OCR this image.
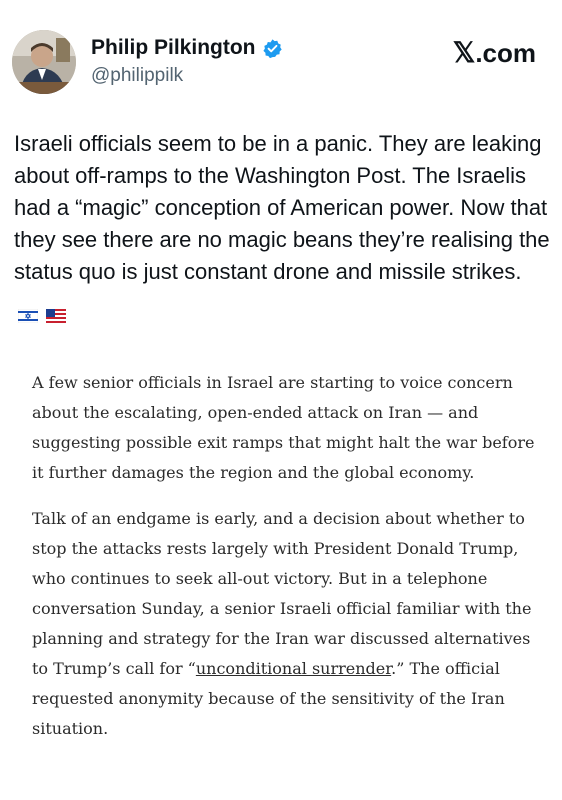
Philip Pilkington
@philippilk
𝕏.com
Israeli officials seem to be in a panic. They are leaking about off-ramps to the Washington Post. The Israelis had a “magic” conception of American power. Now that they see there are no magic beans they’re realising the status quo is just constant drone and missile strikes.

A few senior officials in Israel are starting to voice concern about the escalating, open-ended attack on Iran — and suggesting possible exit ramps that might halt the war before it further damages the region and the global economy.

Talk of an endgame is early, and a decision about whether to stop the attacks rests largely with President Donald Trump, who continues to seek all-out victory. But in a telephone conversation Sunday, a senior Israeli official familiar with the planning and strategy for the Iran war discussed alternatives to Trump’s call for “unconditional surrender.” The official requested anonymity because of the sensitivity of the Iran situation.
